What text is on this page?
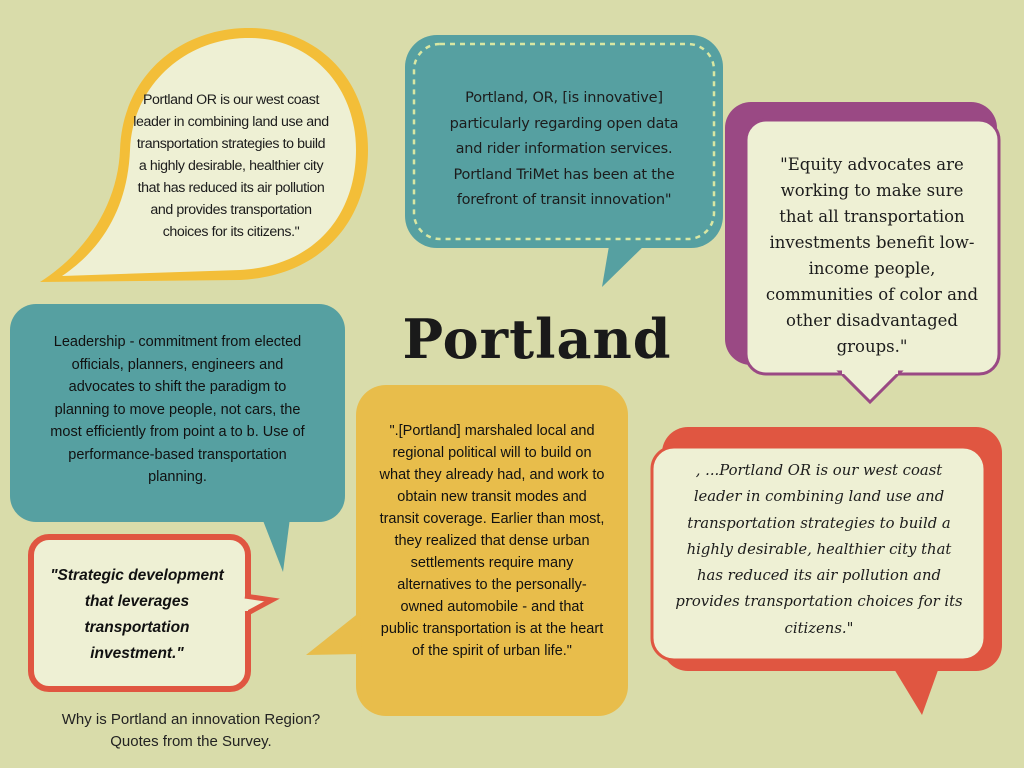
Portland
Portland OR is our west coast
leader in combining land use and
transportation strategies to build
a highly desirable, healthier city
that has reduced its air pollution
and provides transportation
choices for its citizens."
Portland, OR, [is innovative]
particularly regarding open data
and rider information services.
Portland TriMet has been at the
forefront of transit innovation"
"Equity advocates are
working to make sure
that all transportation
investments benefit low-
income people,
communities of color and
other disadvantaged
groups."
Leadership - commitment from elected
officials, planners, engineers and
advocates to shift the paradigm to
planning to move people, not cars, the
most efficiently from point a to b. Use of
performance-based transportation
planning.
".[Portland] marshaled local and
regional political will to build on
what they already had, and work to
obtain new transit modes and
transit coverage. Earlier than most,
they realized that dense urban
settlements require many
alternatives to the personally-
owned automobile - and that
public transportation is at the heart
of the spirit of urban life."
, ...Portland OR is our west coast
leader in combining land use and
transportation strategies to build a
highly desirable, healthier city that
has reduced its air pollution and
provides transportation choices for its
citizens."
"Strategic development
that leverages
transportation
investment."
Why is Portland an innovation Region?
Quotes from the Survey.
